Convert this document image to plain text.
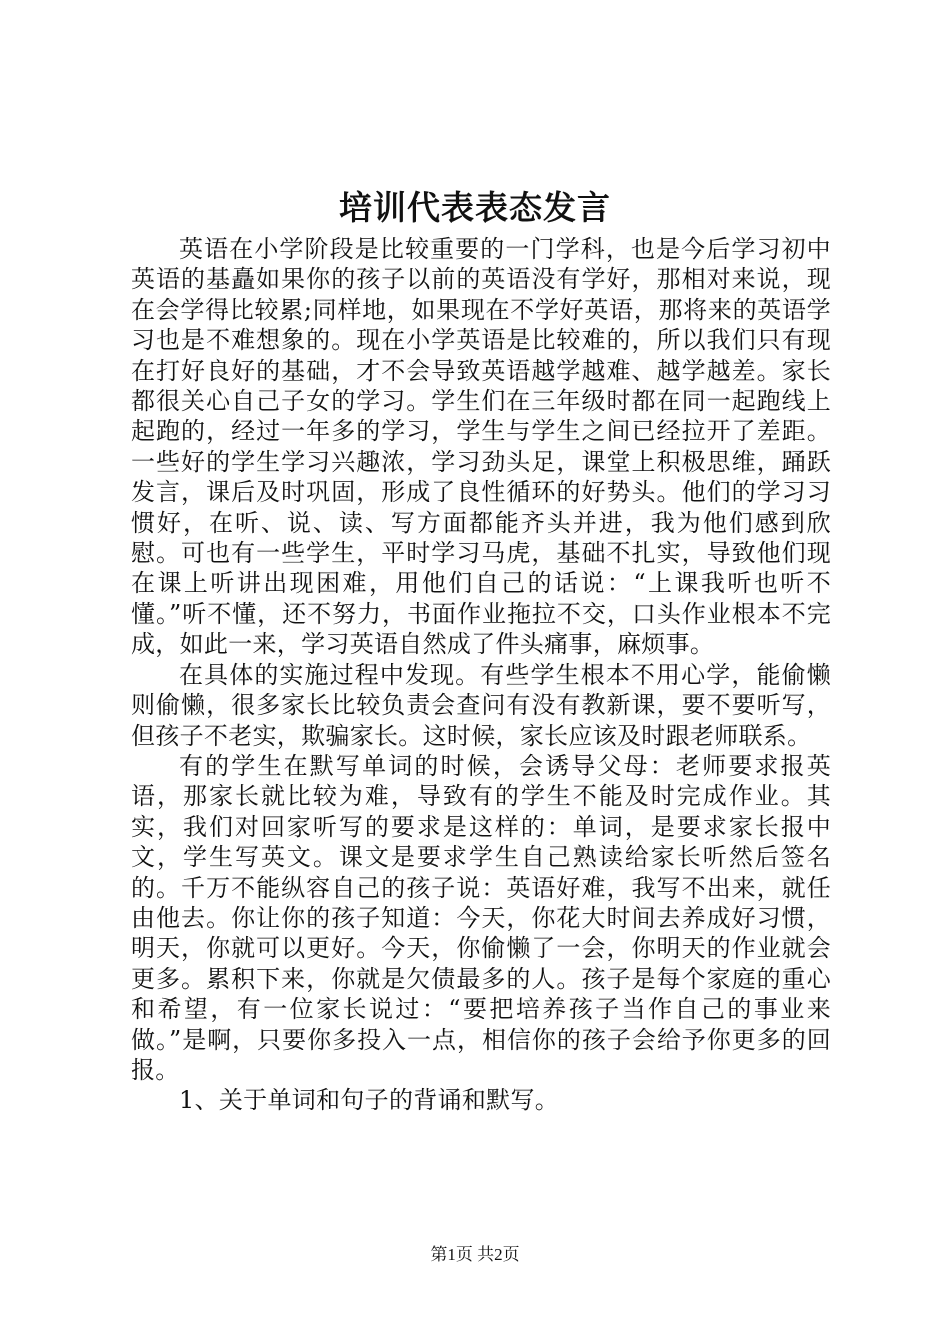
培训代表表态发言

英语在小学阶段是比较重要的一门学科，也是今后学习初中英语的基矗如果你的孩子以前的英语没有学好，那相对来说，现在会学得比较累;同样地，如果现在不学好英语，那将来的英语学习也是不难想象的。现在小学英语是比较难的，所以我们只有现在打好良好的基础，才不会导致英语越学越难、越学越差。家长都很关心自己子女的学习。学生们在三年级时都在同一起跑线上起跑的，经过一年多的学习，学生与学生之间已经拉开了差距。一些好的学生学习兴趣浓，学习劲头足，课堂上积极思维，踊跃发言，课后及时巩固，形成了良性循环的好势头。他们的学习习惯好，在听、说、读、写方面都能齐头并进，我为他们感到欣慰。可也有一些学生，平时学习马虎，基础不扎实，导致他们现在课上听讲出现困难，用他们自己的话说：“上课我听也听不懂。”听不懂，还不努力，书面作业拖拉不交，口头作业根本不完成，如此一来，学习英语自然成了件头痛事，麻烦事。

在具体的实施过程中发现。有些学生根本不用心学，能偷懒则偷懒，很多家长比较负责会查问有没有教新课，要不要听写，但孩子不老实，欺骗家长。这时候，家长应该及时跟老师联系。

有的学生在默写单词的时候，会诱导父母：老师要求报英语，那家长就比较为难，导致有的学生不能及时完成作业。其实，我们对回家听写的要求是这样的：单词，是要求家长报中文，学生写英文。课文是要求学生自己熟读给家长听然后签名的。千万不能纵容自己的孩子说：英语好难，我写不出来，就任由他去。你让你的孩子知道：今天，你花大时间去养成好习惯，明天，你就可以更好。今天，你偷懒了一会，你明天的作业就会更多。累积下来，你就是欠债最多的人。孩子是每个家庭的重心和希望，有一位家长说过：“要把培养孩子当作自己的事业来做。”是啊，只要你多投入一点，相信你的孩子会给予你更多的回报。

1、关于单词和句子的背诵和默写。

第1页 共2页
